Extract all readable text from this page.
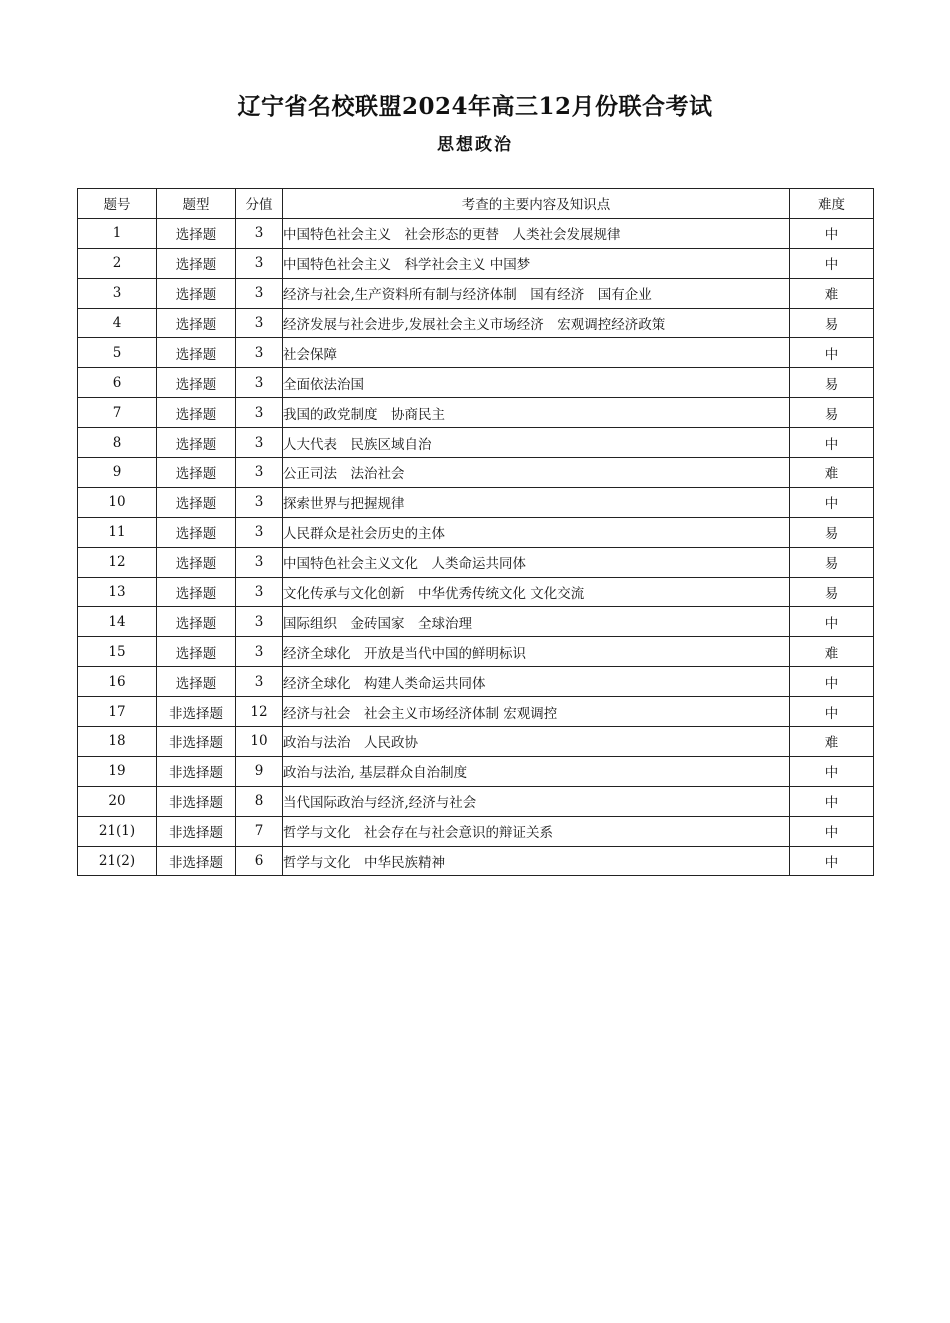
辽宁省名校联盟2024年高三12月份联合考试
思想政治
题号	题型	分值	考查的主要内容及知识点	难度
1	选择题	3	中国特色社会主义　社会形态的更替　人类社会发展规律	中
2	选择题	3	中国特色社会主义　科学社会主义 中国梦	中
3	选择题	3	经济与社会,生产资料所有制与经济体制　国有经济　国有企业	难
4	选择题	3	经济发展与社会进步,发展社会主义市场经济　宏观调控经济政策	易
5	选择题	3	社会保障	中
6	选择题	3	全面依法治国	易
7	选择题	3	我国的政党制度　协商民主	易
8	选择题	3	人大代表　民族区域自治	中
9	选择题	3	公正司法　法治社会	难
10	选择题	3	探索世界与把握规律	中
11	选择题	3	人民群众是社会历史的主体	易
12	选择题	3	中国特色社会主义文化　人类命运共同体	易
13	选择题	3	文化传承与文化创新　中华优秀传统文化 文化交流	易
14	选择题	3	国际组织　金砖国家　全球治理	中
15	选择题	3	经济全球化　开放是当代中国的鲜明标识	难
16	选择题	3	经济全球化　构建人类命运共同体	中
17	非选择题	12	经济与社会　社会主义市场经济体制 宏观调控	中
18	非选择题	10	政治与法治　人民政协	难
19	非选择题	9	政治与法治, 基层群众自治制度	中
20	非选择题	8	当代国际政治与经济,经济与社会	中
21(1)	非选择题	7	哲学与文化　社会存在与社会意识的辩证关系	中
21(2)	非选择题	6	哲学与文化　中华民族精神	中
